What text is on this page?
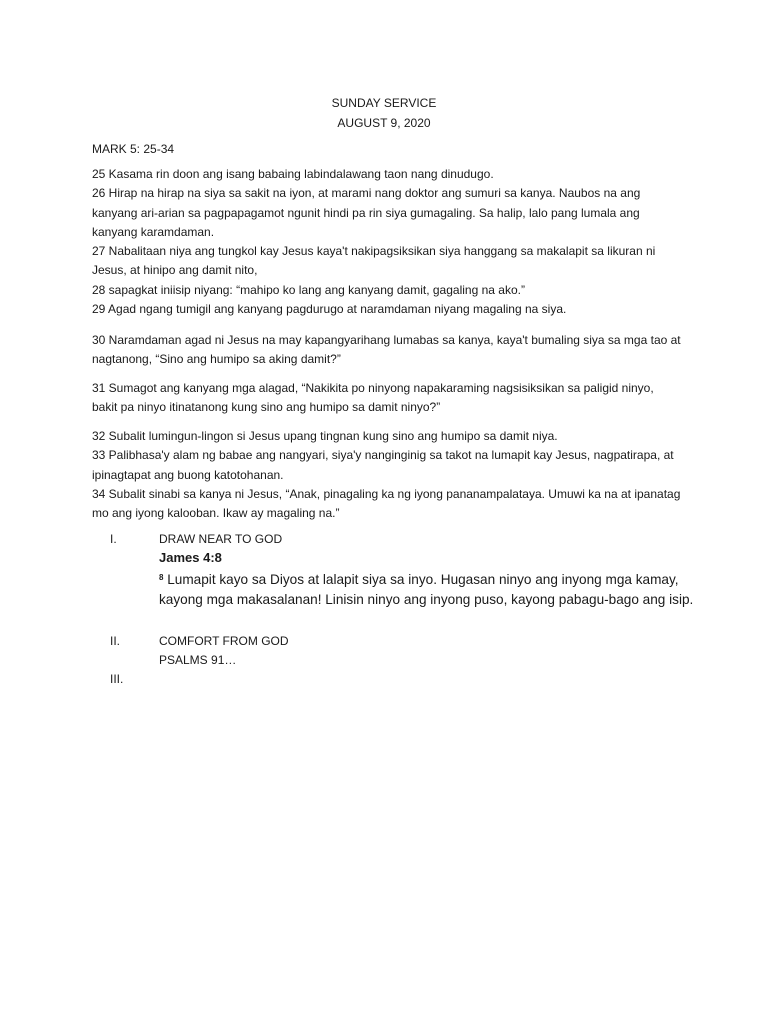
SUNDAY SERVICE
AUGUST 9, 2020
MARK 5: 25-34

25 Kasama rin doon ang isang babaing labindalawang taon nang dinudugo.

26 Hirap na hirap na siya sa sakit na iyon, at marami nang doktor ang sumuri sa kanya. Naubos na ang kanyang ari-arian sa pagpapagamot ngunit hindi pa rin siya gumagaling. Sa halip, lalo pang lumala ang kanyang karamdaman.

27 Nabalitaan niya ang tungkol kay Jesus kaya't nakipagsiksikan siya hanggang sa makalapit sa likuran ni Jesus, at hinipo ang damit nito,

28 sapagkat iniisip niyang: “mahipo ko lang ang kanyang damit, gagaling na ako.”

29 Agad ngang tumigil ang kanyang pagdurugo at naramdaman niyang magaling na siya.

30 Naramdaman agad ni Jesus na may kapangyarihang lumabas sa kanya, kaya't bumaling siya sa mga tao at nagtanong, “Sino ang humipo sa aking damit?”

31 Sumagot ang kanyang mga alagad, “Nakikita po ninyong napakaraming nagsisiksikan sa paligid ninyo, bakit pa ninyo itinatanong kung sino ang humipo sa damit ninyo?”

32 Subalit lumingun-lingon si Jesus upang tingnan kung sino ang humipo sa damit niya.

33 Palibhasa'y alam ng babae ang nangyari, siya'y nanginginig sa takot na lumapit kay Jesus, nagpatirapa, at ipinagtapat ang buong katotohanan.

34 Subalit sinabi sa kanya ni Jesus, “Anak, pinagaling ka ng iyong pananampalataya. Umuwi ka na at ipanatag mo ang iyong kalooban. Ikaw ay magaling na.”

I.	DRAW NEAR TO GOD
James 4:8
$^8$ Lumapit kayo sa Diyos at lalapit siya sa inyo. Hugasan ninyo ang inyong mga kamay, kayong mga makasalanan! Linisin ninyo ang inyong puso, kayong pabagu-bago ang isip.
II.	COMFORT FROM GOD
PSALMS 91…
III.
